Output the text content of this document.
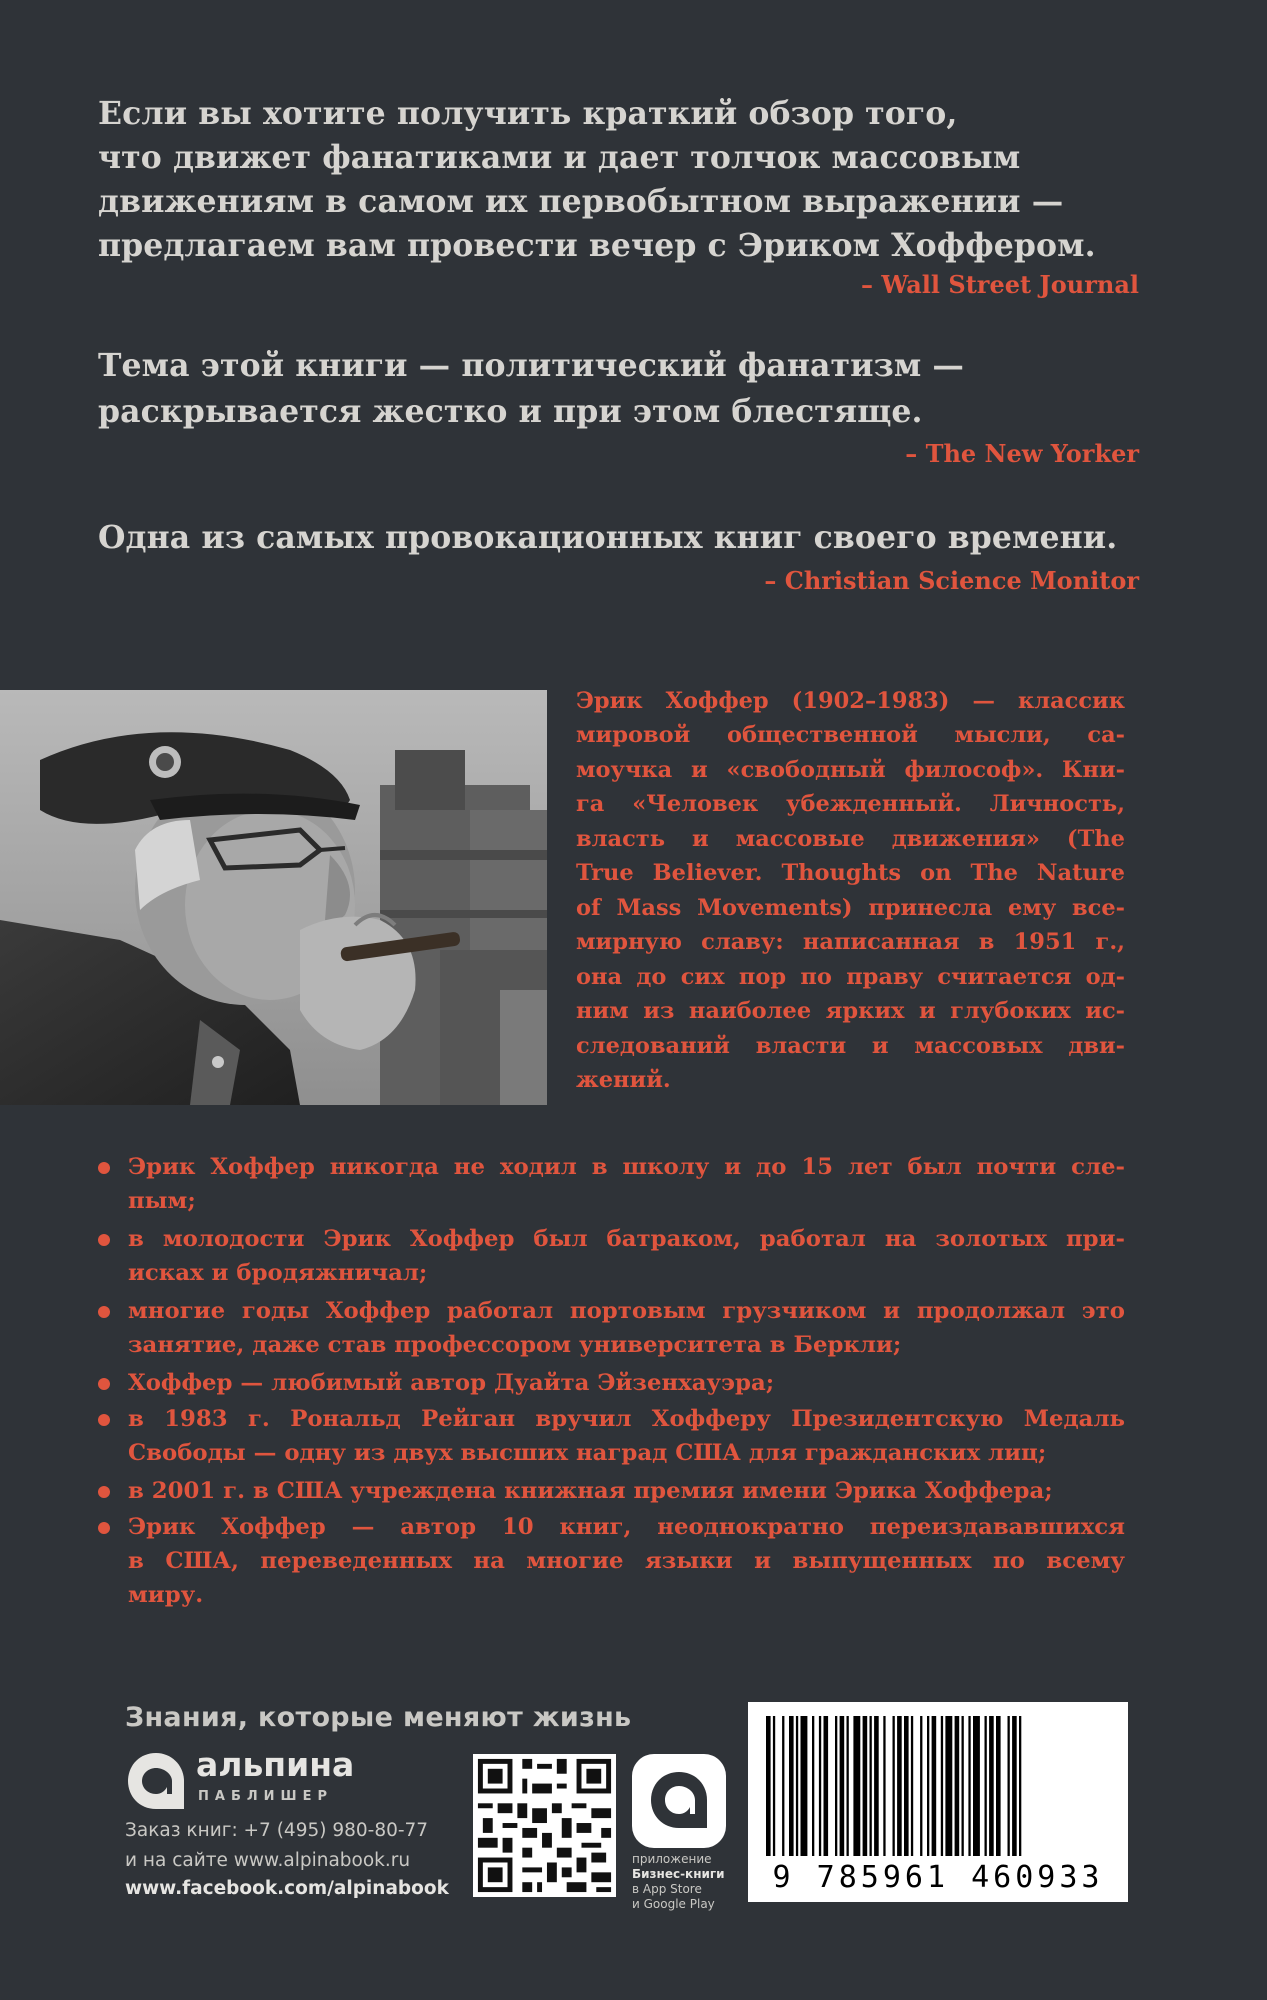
Если вы хотите получить краткий обзор того,
что движет фанатиками и дает толчок массовым
движениям в самом их первобытном выражении —
предлагаем вам провести вечер с Эриком Хоффером.
– Wall Street Journal
Тема этой книги — политический фанатизм —
раскрывается жестко и при этом блестяще.
– The New Yorker
Одна из самых провокационных книг своего времени.
– Christian Science Monitor
Эрик Хоффер (1902–1983) — классик
мировой общественной мысли, са-
моучка и «свободный философ». Кни-
га «Человек убежденный. Личность,
власть и массовые движения» (The
True Believer. Thoughts on The Nature
of Mass Movements) принесла ему все-
мирную славу: написанная в 1951 г.,
она до сих пор по праву считается од-
ним из наиболее ярких и глубоких ис-
следований власти и массовых дви-
жений.
Эрик Хоффер никогда не ходил в школу и до 15 лет был почти сле-
пым;
в молодости Эрик Хоффер был батраком, работал на золотых при-
исках и бродяжничал;
многие годы Хоффер работал портовым грузчиком и продолжал это
занятие, даже став профессором университета в Беркли;
Хоффер — любимый автор Дуайта Эйзенхауэра;
в 1983 г. Рональд Рейган вручил Хофферу Президентскую Медаль
Свободы — одну из двух высших наград США для гражданских лиц;
в 2001 г. в США учреждена книжная премия имени Эрика Хоффера;
Эрик Хоффер — автор 10 книг, неоднократно переиздававшихся
в США, переведенных на многие языки и выпущенных по всему
миру.
Знания, которые меняют жизнь
альпина
ПАБЛИШЕР
Заказ книг: +7 (495) 980-80-77
и на сайте www.alpinabook.ru
www.facebook.com/alpinabook
приложение
Бизнес-книги
в App Store
и Google Play
9 785961 460933
